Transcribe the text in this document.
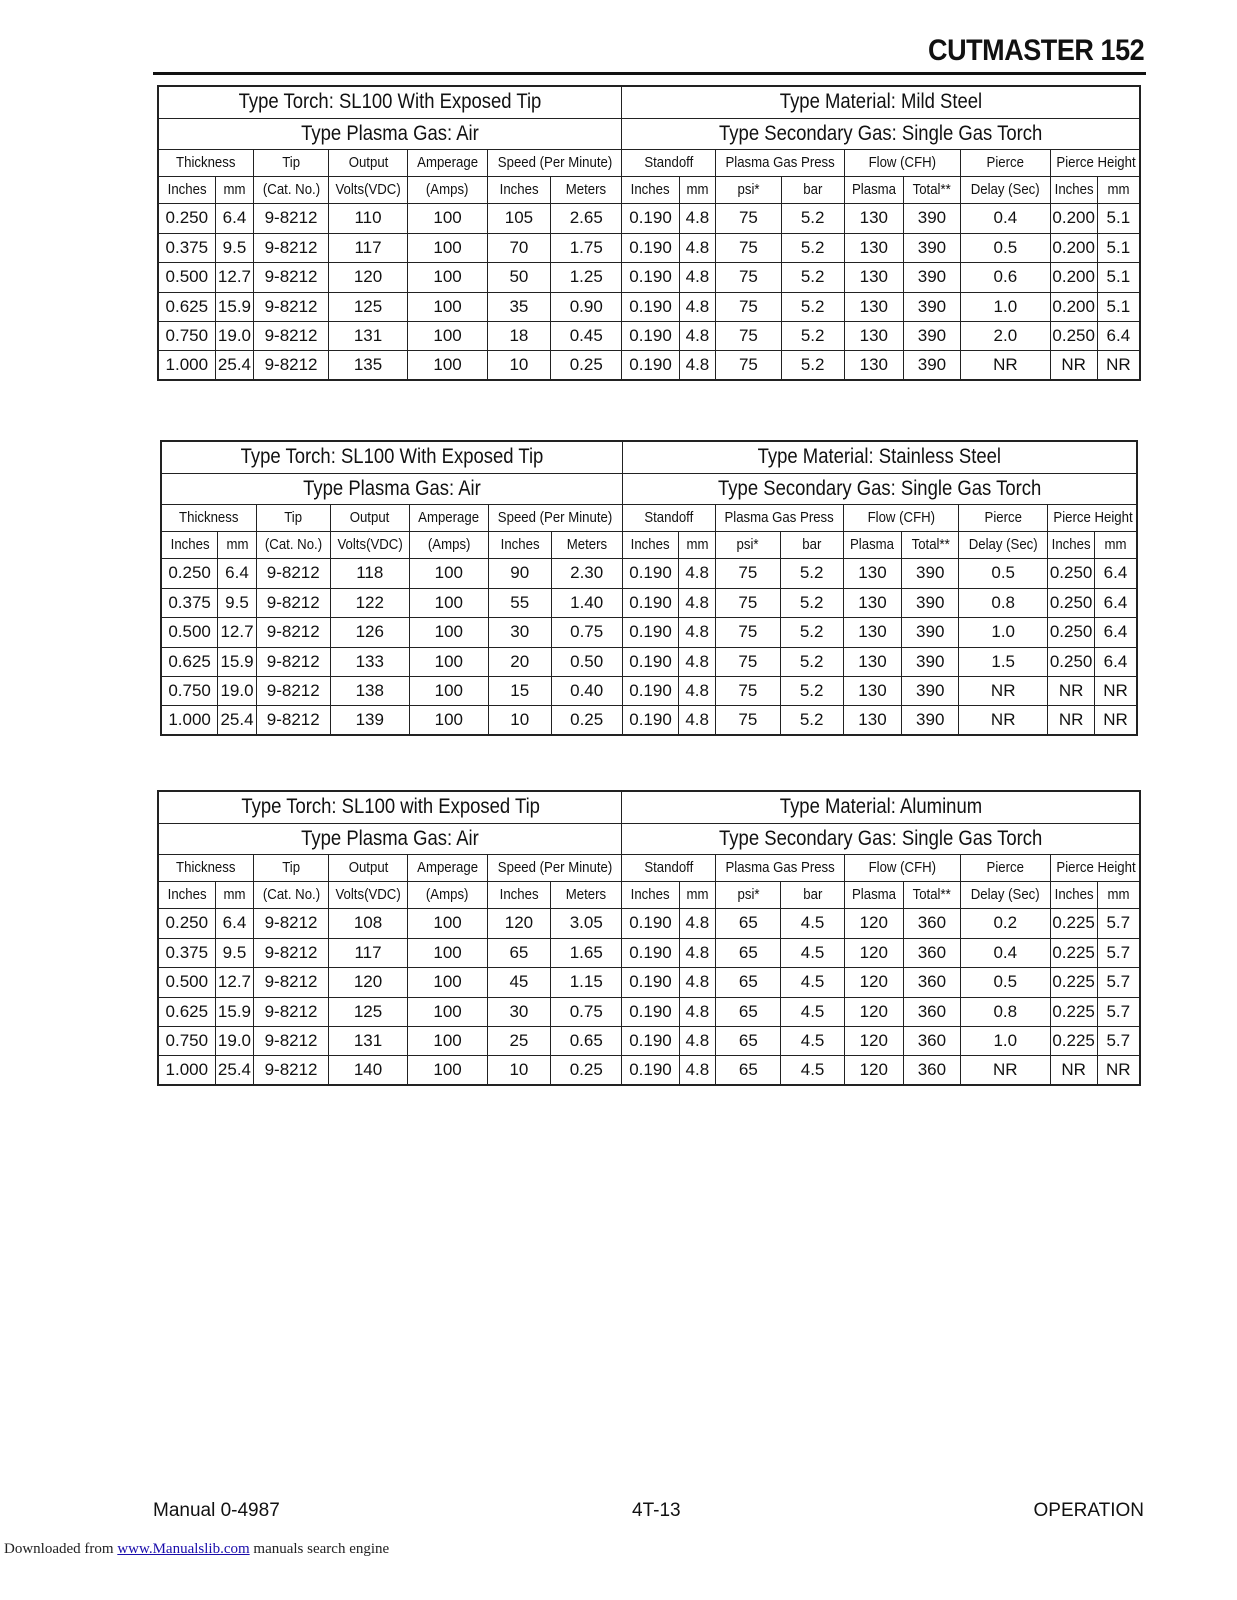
CUTMASTER 152
Type Torch: SL100 With Exposed Tip							Type Material: Mild Steel								
Type Plasma Gas: Air							Type Secondary Gas: Single Gas Torch								
Thickness		Tip	Output	Amperage	Speed (Per Minute)		Standoff		Plasma Gas Press		Flow (CFH)		Pierce	Pierce Height	
Inches	mm	(Cat. No.)	Volts(VDC)	(Amps)	Inches	Meters	Inches	mm	psi*	bar	Plasma	Total**	Delay (Sec)	Inches	mm
0.250	6.4	9-8212	110	100	105	2.65	0.190	4.8	75	5.2	130	390	0.4	0.200	5.1
0.375	9.5	9-8212	117	100	70	1.75	0.190	4.8	75	5.2	130	390	0.5	0.200	5.1
0.500	12.7	9-8212	120	100	50	1.25	0.190	4.8	75	5.2	130	390	0.6	0.200	5.1
0.625	15.9	9-8212	125	100	35	0.90	0.190	4.8	75	5.2	130	390	1.0	0.200	5.1
0.750	19.0	9-8212	131	100	18	0.45	0.190	4.8	75	5.2	130	390	2.0	0.250	6.4
1.000	25.4	9-8212	135	100	10	0.25	0.190	4.8	75	5.2	130	390	NR	NR	NR
Type Torch: SL100 With Exposed Tip							Type Material: Stainless Steel								
Type Plasma Gas: Air							Type Secondary Gas: Single Gas Torch								
Thickness		Tip	Output	Amperage	Speed (Per Minute)		Standoff		Plasma Gas Press		Flow (CFH)		Pierce	Pierce Height	
Inches	mm	(Cat. No.)	Volts(VDC)	(Amps)	Inches	Meters	Inches	mm	psi*	bar	Plasma	Total**	Delay (Sec)	Inches	mm
0.250	6.4	9-8212	118	100	90	2.30	0.190	4.8	75	5.2	130	390	0.5	0.250	6.4
0.375	9.5	9-8212	122	100	55	1.40	0.190	4.8	75	5.2	130	390	0.8	0.250	6.4
0.500	12.7	9-8212	126	100	30	0.75	0.190	4.8	75	5.2	130	390	1.0	0.250	6.4
0.625	15.9	9-8212	133	100	20	0.50	0.190	4.8	75	5.2	130	390	1.5	0.250	6.4
0.750	19.0	9-8212	138	100	15	0.40	0.190	4.8	75	5.2	130	390	NR	NR	NR
1.000	25.4	9-8212	139	100	10	0.25	0.190	4.8	75	5.2	130	390	NR	NR	NR
Type Torch: SL100 with Exposed Tip							Type Material: Aluminum								
Type Plasma Gas: Air							Type Secondary Gas: Single Gas Torch								
Thickness		Tip	Output	Amperage	Speed (Per Minute)		Standoff		Plasma Gas Press		Flow (CFH)		Pierce	Pierce Height	
Inches	mm	(Cat. No.)	Volts(VDC)	(Amps)	Inches	Meters	Inches	mm	psi*	bar	Plasma	Total**	Delay (Sec)	Inches	mm
0.250	6.4	9-8212	108	100	120	3.05	0.190	4.8	65	4.5	120	360	0.2	0.225	5.7
0.375	9.5	9-8212	117	100	65	1.65	0.190	4.8	65	4.5	120	360	0.4	0.225	5.7
0.500	12.7	9-8212	120	100	45	1.15	0.190	4.8	65	4.5	120	360	0.5	0.225	5.7
0.625	15.9	9-8212	125	100	30	0.75	0.190	4.8	65	4.5	120	360	0.8	0.225	5.7
0.750	19.0	9-8212	131	100	25	0.65	0.190	4.8	65	4.5	120	360	1.0	0.225	5.7
1.000	25.4	9-8212	140	100	10	0.25	0.190	4.8	65	4.5	120	360	NR	NR	NR
Manual 0-4987	4T-13	OPERATION
Downloaded from www.Manualslib.com manuals search engine
